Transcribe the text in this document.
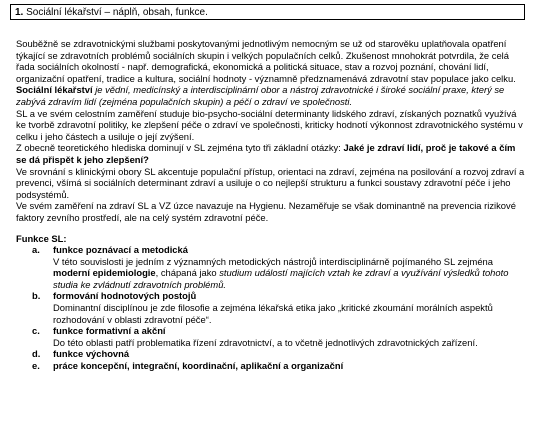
1. Sociální lékařství – náplň, obsah, funkce.

Souběžně se zdravotnickými službami poskytovanými jednotlivým nemocným se už od starověku uplatňovala opatření týkající se zdravotních problémů sociálních skupin i velkých populačních celků. Zkušenost mnohokrát potvrdila, že celá řada sociálních okolností - např. demografická, ekonomická a politická situace, stav a rozvoj poznání, chování lidí, organizační opatření, tradice a kultura, sociální hodnoty - významně předznamenává zdravotní stav populace jako celku.

Sociální lékařství je vědní, medicínský a interdisciplinární obor a nástroj zdravotnické i široké sociální praxe, který se zabývá zdravím lidí (zejména populačních skupin) a péčí o zdraví ve společnosti.

SL a ve svém celostním zaměření studuje bio-psycho-sociální determinanty lidského zdraví, získaných poznatků využívá ke tvorbě zdravotní politiky, ke zlepšení péče o zdraví ve společnosti, kriticky hodnotí výkonnost zdravotnického systému v celku i jeho částech a usiluje o její zvýšení.

Z obecně teoretického hlediska dominují v SL zejména tyto tři základní otázky: Jaké je zdraví lidí, proč je takové a čím se dá přispět k jeho zlepšení?

Ve srovnání s klinickými obory SL akcentuje populační přístup, orientaci na zdraví, zejména na posilování a rozvoj zdraví a prevenci, všímá si sociálních determinant zdraví a usiluje o co nejlepší strukturu a funkci soustavy zdravotní péče i jeho podsystémů.

Ve svém zaměření na zdraví SL a VZ úzce navazuje na Hygienu. Nezaměřuje se však dominantně na prevencia rizikové faktory zevního prostředí, ale na celý systém zdravotní péče.

Funkce SL:
a. funkce poznávací a metodická
V této souvislosti je jedním z významných metodických nástrojů interdisciplinárně pojímaného SL zejména moderní epidemiologie, chápaná jako studium událostí majících vztah ke zdraví a využívání výsledků tohoto studia ke zvládnutí zdravotních problémů.
b. formování hodnotových postojů
Dominantní disciplínou je zde filosofie a zejména lékařská etika jako „kritické zkoumání morálních aspektů rozhodování v oblasti zdravotní péče“.
c. funkce formativní a akční
Do této oblasti patří problematika řízení zdravotnictví, a to včetně jednotlivých zdravotnických zařízení.
d. funkce výchovná
e. práce koncepční, integrační, koordinační, aplikační a organizační
